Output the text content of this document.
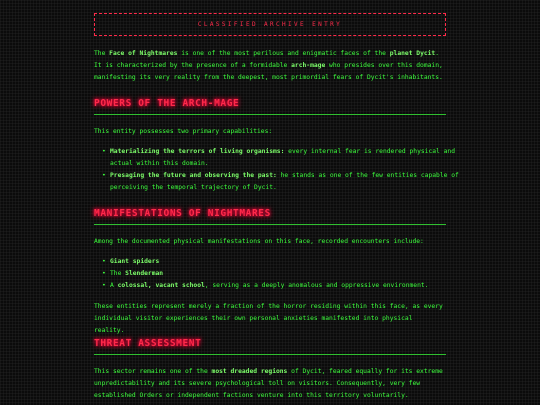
CLASSIFIED ARCHIVE ENTRY

The Face of Nightmares is one of the most perilous and enigmatic faces of the planet Dycit. It is characterized by the presence of a formidable arch-mage who presides over this domain, manifesting its very reality from the deepest, most primordial fears of Dycit's inhabitants.

POWERS OF THE ARCH-MAGE

This entity possesses two primary capabilities:

• Materializing the terrors of living organisms: every internal fear is rendered physical and actual within this domain.
• Presaging the future and observing the past: he stands as one of the few entities capable of perceiving the temporal trajectory of Dycit.
MANIFESTATIONS OF NIGHTMARES

Among the documented physical manifestations on this face, recorded encounters include:

• Giant spiders
• The Slenderman
• A colossal, vacant school, serving as a deeply anomalous and oppressive environment.

These entities represent merely a fraction of the horror residing within this face, as every individual visitor experiences their own personal anxieties manifested into physical reality.

THREAT ASSESSMENT

This sector remains one of the most dreaded regions of Dycit, feared equally for its extreme unpredictability and its severe psychological toll on visitors. Consequently, very few established Orders or independent factions venture into this territory voluntarily.
